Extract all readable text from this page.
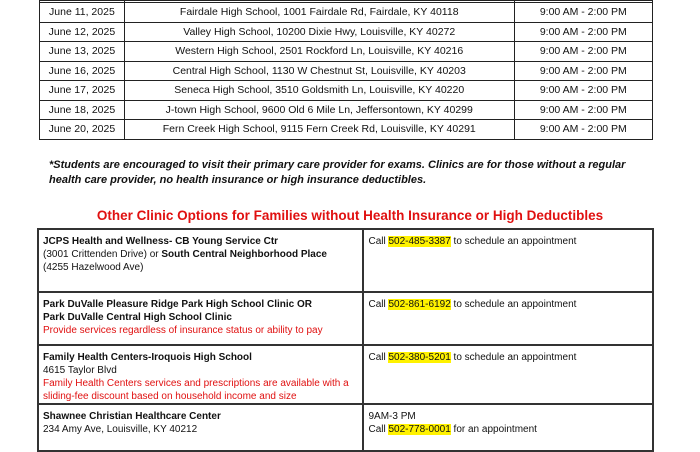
June 11, 2025	Fairdale High School, 1001 Fairdale Rd, Fairdale, KY 40118	9:00 AM - 2:00 PM
June 12, 2025	Valley High School, 10200 Dixie Hwy, Louisville, KY 40272	9:00 AM - 2:00 PM
June 13, 2025	Western High School, 2501 Rockford Ln, Louisville, KY 40216	9:00 AM - 2:00 PM
June 16, 2025	Central High School, 1130 W Chestnut St, Louisville, KY 40203	9:00 AM - 2:00 PM
June 17, 2025	Seneca High School, 3510 Goldsmith Ln, Louisville, KY 40220	9:00 AM - 2:00 PM
June 18, 2025	J-town High School, 9600 Old 6 Mile Ln, Jeffersontown, KY 40299	9:00 AM - 2:00 PM
June 20, 2025	Fern Creek High School, 9115 Fern Creek Rd, Louisville, KY 40291	9:00 AM - 2:00 PM
*Students are encouraged to visit their primary care provider for exams. Clinics are for those without a regular health care provider, no health insurance or high insurance deductibles.
Other Clinic Options for Families without Health Insurance or High Deductibles
JCPS Health and Wellness- CB Young Service Ctr
(3001 Crittenden Drive) or South Central Neighborhood Place
(4255 Hazelwood Ave)	Call 502-485-3387 to schedule an appointment
Park DuValle Pleasure Ridge Park High School Clinic OR
Park DuValle Central High School Clinic
Provide services regardless of insurance status or ability to pay	Call 502-861-6192 to schedule an appointment
Family Health Centers-Iroquois High School
4615 Taylor Blvd
Family Health Centers services and prescriptions are available with a sliding-fee discount based on household income and size	Call 502-380-5201 to schedule an appointment
Shawnee Christian Healthcare Center
234 Amy Ave, Louisville, KY 40212	9AM-3 PM
Call 502-778-0001 for an appointment
